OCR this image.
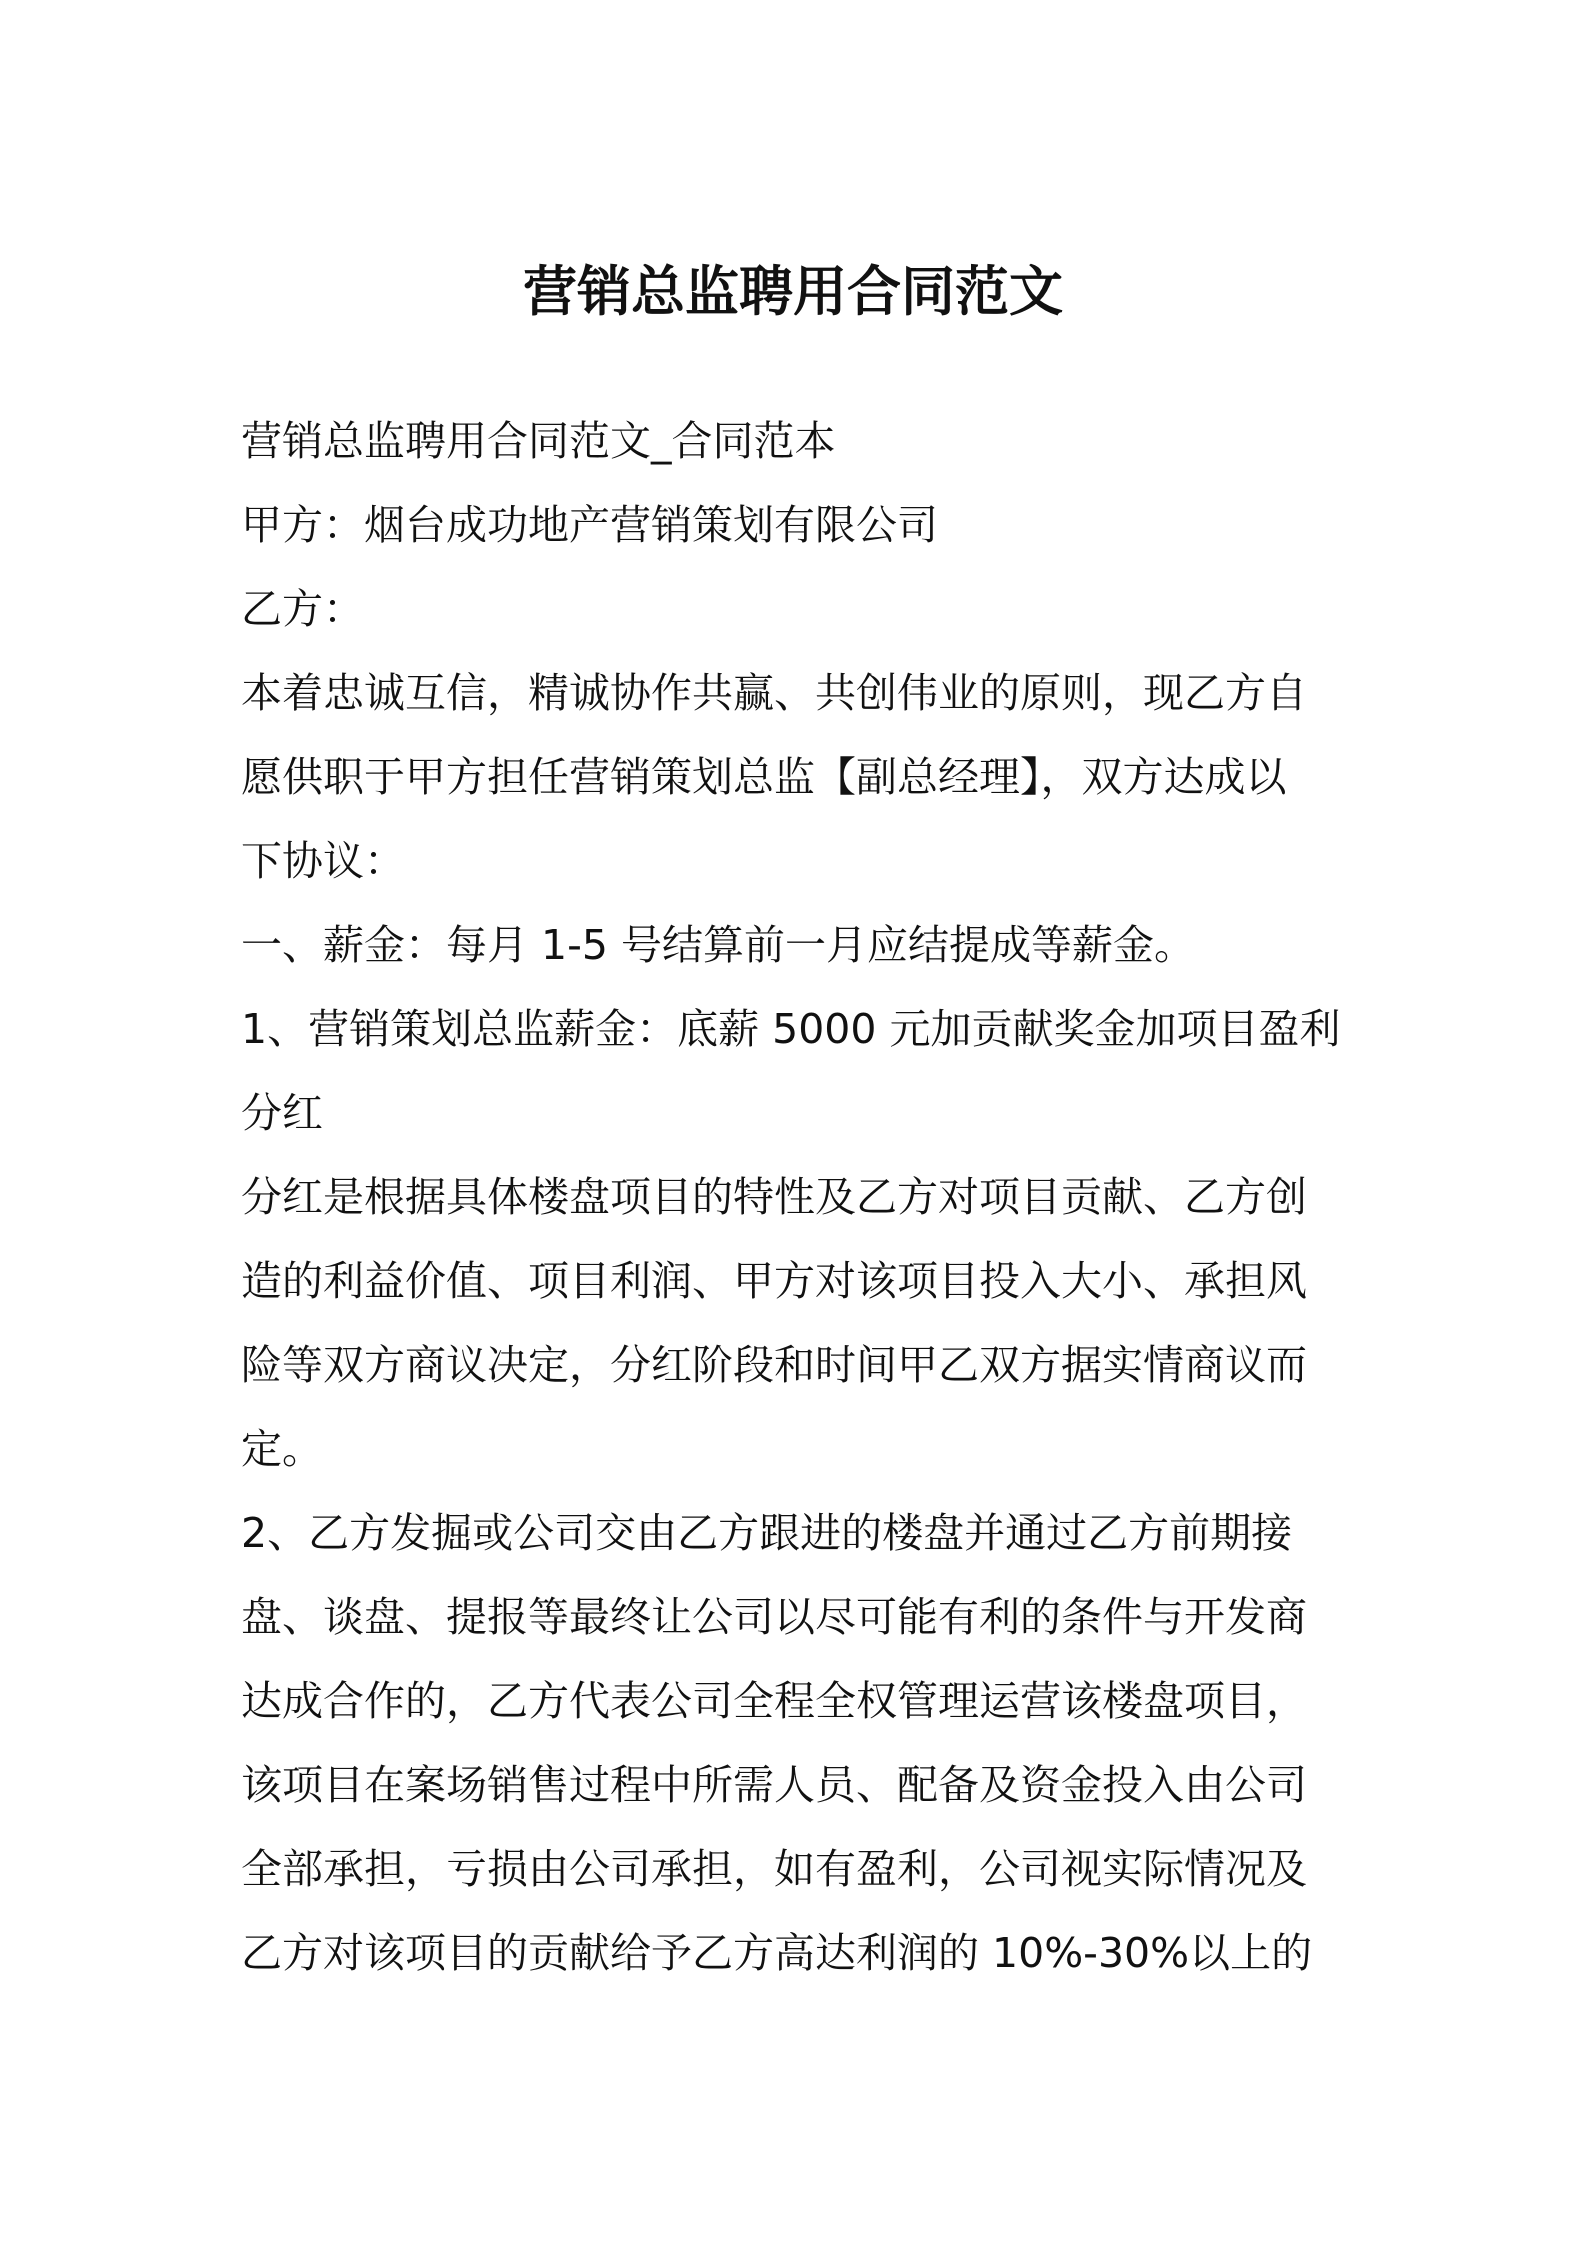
营销总监聘用合同范文

营销总监聘用合同范文_合同范本

甲方：烟台成功地产营销策划有限公司

乙方：

本着忠诚互信，精诚协作共赢、共创伟业的原则，现乙方自

愿供职于甲方担任营销策划总监【副总经理】，双方达成以

下协议：

一、薪金：每月 1-5 号结算前一月应结提成等薪金。

1、营销策划总监薪金：底薪 5000 元加贡献奖金加项目盈利

分红

分红是根据具体楼盘项目的特性及乙方对项目贡献、乙方创

造的利益价值、项目利润、甲方对该项目投入大小、承担风

险等双方商议决定，分红阶段和时间甲乙双方据实情商议而

定。

2、乙方发掘或公司交由乙方跟进的楼盘并通过乙方前期接

盘、谈盘、提报等最终让公司以尽可能有利的条件与开发商

达成合作的，乙方代表公司全程全权管理运营该楼盘项目，

该项目在案场销售过程中所需人员、配备及资金投入由公司

全部承担，亏损由公司承担，如有盈利，公司视实际情况及

乙方对该项目的贡献给予乙方高达利润的 10%-30%以上的
